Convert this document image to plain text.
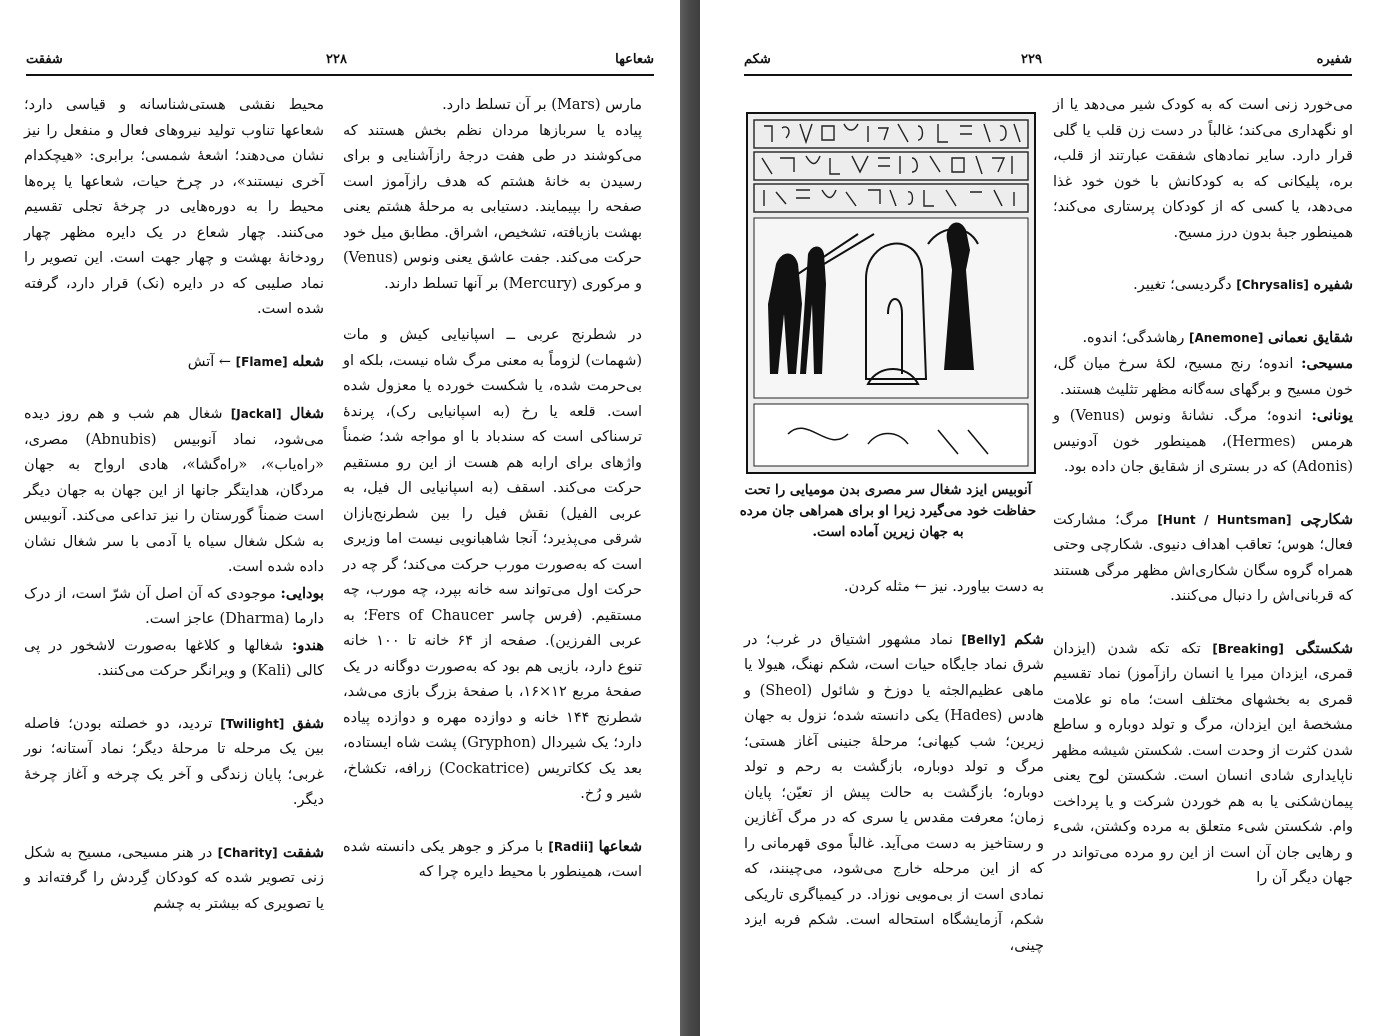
شعاعها
۲۲۸
شفقت

مارس (Mars) بر آن تسلط دارد.

پیاده یا سربازها مردان نظم بخش هستند که می‌کوشند در طی هفت درجهٔ رازآشنایی و برای رسیدن به خانهٔ هشتم که هدف رازآموز است صفحه را بپیمایند. دستیابی به مرحلهٔ هشتم یعنی بهشت بازیافته، تشخیص، اشراق. مطابق میل خود حرکت می‌کند. جفت عاشق یعنی ونوس (Venus) و مرکوری (Mercury) بر آنها تسلط دارند.

در شطرنج عربی ــ اسپانیایی کیش و مات (شهمات) لزوماً به معنی مرگ شاه نیست، بلکه او بی‌حرمت شده، یا شکست خورده یا معزول شده است. قلعه یا رخ (به اسپانیایی رک)، پرندهٔ ترسناکی است که سندباد با او مواجه شد؛ ضمناً واژهای برای ارابه هم هست از این رو مستقیم حرکت می‌کند. اسقف (به اسپانیایی ال فیل، به عربی الفیل) نقش فیل را بین شطرنج‌بازان شرقی می‌پذیرد؛ آنجا شاهبانویی نیست اما وزیری است که به‌صورت مورب حرکت می‌کند؛ گر چه در حرکت اول می‌تواند سه خانه بپرد، چه مورب، چه مستقیم. (فرس چاسر Fers of Chaucer؛ به عربی الفرزین). صفحه از ۶۴ خانه تا ۱۰۰ خانه تنوع دارد، بازیی هم بود که به‌صورت دوگانه در یک صفحهٔ مربع ۱۲×۱۶، با صفحهٔ بزرگ بازی می‌شد، شطرنج ۱۴۴ خانه و دوازده مهره و دوازده پیاده دارد؛ یک شیردال (Gryphon) پشت شاه ایستاده، بعد یک ککاتریس (Cockatrice) زرافه، تکشاخ، شیر و رُخ.

شعاعها [Radii] با مرکز و جوهر یکی دانسته شده است، همینطور با محیط دایره چرا که

محیط نقشی هستی‌شناسانه و قیاسی دارد؛ شعاعها تناوب تولید نیروهای فعال و منفعل را نیز نشان می‌دهند؛ اشعهٔ شمسی؛ برابری: «هیچکدام آخری نیستند»، در چرخ حیات، شعاعها یا پره‌ها محیط را به دوره‌هایی در چرخهٔ تجلی تقسیم می‌کنند. چهار شعاع در یک دایره مظهر چهار رودخانهٔ بهشت و چهار جهت است. این تصویر را نماد صلیبی که در دایره (نک) قرار دارد، گرفته شده است.

شعله [Flame] ← آتش

شغال [Jackal] شغال هم شب و هم روز دیده می‌شود، نماد آنوبیس (Abnubis) مصری، «راه‌یاب»، «راه‌گشا»، هادی ارواح به جهان مردگان، هدایتگر جانها از این جهان به جهان دیگر است ضمناً گورستان را نیز تداعی می‌کند. آنوبیس به شکل شغال سیاه یا آدمی با سر شغال نشان داده شده است.

بودایی: موجودی که آن اصل آن شرّ است، از درک دارما (Dharma) عاجز است.

هندو: شغالها و کلاغها به‌صورت لاشخور در پی کالی (Kali) و ویرانگر حرکت می‌کنند.

شفق [Twilight] تردید، دو خصلته بودن؛ فاصله بین یک مرحله تا مرحلهٔ دیگر؛ نماد آستانه؛ نور غربی؛ پایان زندگی و آخر یک چرخه و آغاز چرخهٔ دیگر.

شفقت [Charity] در هنر مسیحی، مسیح به شکل زنی تصویر شده که کودکان گِردش را گرفته‌اند و یا تصویری که بیشتر به چشم

شفیره
۲۲۹
شکم

می‌خورد زنی است که به کودک شیر می‌دهد یا از او نگهداری می‌کند؛ غالباً در دست زن قلب یا گلی قرار دارد. سایر نمادهای شفقت عبارتند از قلب، بره، پلیکانی که به کودکانش با خون خود غذا می‌دهد، یا کسی که از کودکان پرستاری می‌کند؛ همینطور جبهٔ بدون درز مسیح.

شفیره [Chrysalis] دگردیسی؛ تغییر.

شقایق نعمانی [Anemone] رهاشدگی؛ اندوه.

مسیحی: اندوه؛ رنج مسیح، لکهٔ سرخ میان گل، خون مسیح و برگهای سه‌گانه مظهر تثلیث هستند.

یونانی: اندوه؛ مرگ. نشانهٔ ونوس (Venus) و هرمس (Hermes)، همینطور خون آدونیس (Adonis) که در بستری از شقایق جان داده بود.

شکارچی [Hunt / Huntsman] مرگ؛ مشارکت فعال؛ هوس؛ تعاقب اهداف دنیوی. شکارچی وحتی همراه گروه سگان شکاری‌اش مظهر مرگی هستند که قربانی‌اش را دنبال می‌کنند.

شکستگی [Breaking] تکه تکه شدن (ایزدان قمری، ایزدان میرا یا انسان رازآموز) نماد تقسیم قمری به بخشهای مختلف است؛ ماه نو علامت مشخصهٔ این ایزدان، مرگ و تولد دوباره و ساطع شدن کثرت از وحدت است. شکستن شیشه مظهر ناپایداری شادی انسان است. شکستن لوح یعنی پیمان‌شکنی یا به هم خوردن شرکت و یا پرداخت وام. شکستن شیء متعلق به مرده وکشتن، شیء و رهایی جان آن است از این رو مرده می‌تواند در جهان دیگر آن را

به دست بیاورد. نیز ← مثله کردن.

شکم [Belly] نماد مشهور اشتیاق در غرب؛ در شرق نماد جایگاه حیات است، شکم نهنگ، هیولا یا ماهی عظیم‌الجثه یا دوزخ و شائول (Sheol) و هادس (Hades) یکی دانسته شده؛ نزول به جهان زیرین؛ شب کیهانی؛ مرحلهٔ جنینی آغاز هستی؛ مرگ و تولد دوباره، بازگشت به رحم و تولد دوباره؛ بازگشت به حالت پیش از تعیّن؛ پایان زمان؛ معرفت مقدس یا سری که در مرگ آغازین و رستاخیز به دست می‌آید. غالباً موی قهرمانی را که از این مرحله خارج می‌شود، می‌چینند، که نمادی است از بی‌مویی نوزاد. در کیمیاگری تاریکی شکم، آزمایشگاه استحاله است. شکم فربه ایزد چینی،

آنوبیس ایزد شغال سر مصری بدن مومیایی را تحت حفاظت خود می‌گیرد زیرا او برای همراهی جان مرده به جهان زیرین آماده است.
